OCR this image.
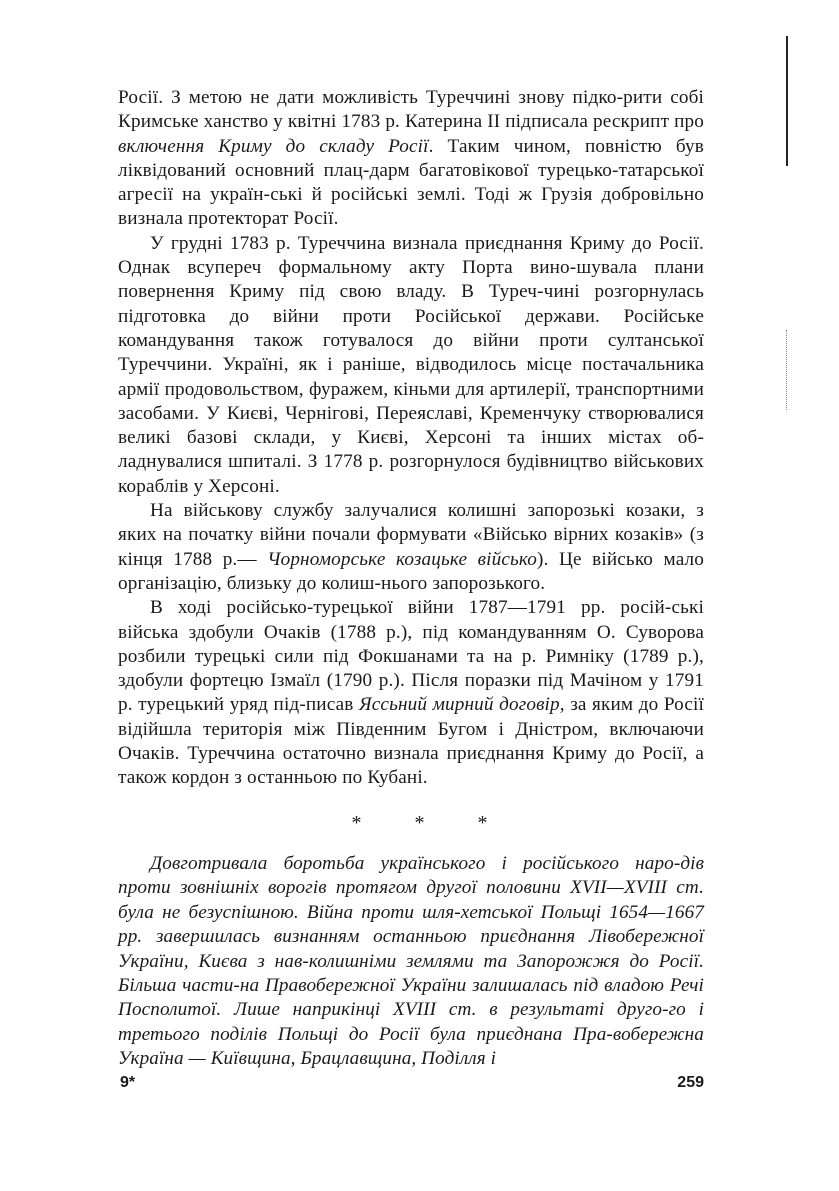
Росії. З метою не дати можливість Туреччині знову підко-рити собі Кримське ханство у квітні 1783 р. Катерина II підписала рескрипт про включення Криму до складу Росії. Таким чином, повністю був ліквідований основний плац-дарм багатовікової турецько-татарської агресії на україн-ські й російські землі. Тоді ж Грузія добровільно визнала протекторат Росії.

У грудні 1783 р. Туреччина визнала приєднання Криму до Росії. Однак всупереч формальному акту Порта вино-шувала плани повернення Криму під свою владу. В Туреч-чині розгорнулась підготовка до війни проти Російської держави. Російське командування також готувалося до війни проти султанської Туреччини. Україні, як і раніше, відводилось місце постачальника армії продовольством, фуражем, кіньми для артилерії, транспортними засобами. У Києві, Чернігові, Переяславі, Кременчуку створювалися великі базові склади, у Києві, Херсоні та інших містах об-ладнувалися шпиталі. З 1778 р. розгорнулося будівництво військових кораблів у Херсоні.

На військову службу залучалися колишні запорозькі козаки, з яких на початку війни почали формувати «Військо вірних козаків» (з кінця 1788 р.— Чорноморське козацьке військо). Це військо мало організацію, близьку до колиш-нього запорозького.

В ході російсько-турецької війни 1787—1791 рр. росій-ські війська здобули Очаків (1788 р.), під командуванням О. Суворова розбили турецькі сили під Фокшанами та на р. Римніку (1789 р.), здобули фортецю Ізмаїл (1790 р.). Після поразки під Мачіном у 1791 р. турецький уряд під-писав Яссьний мирний договір, за яким до Росії відійшла територія між Південним Бугом і Дністром, включаючи Очаків. Туреччина остаточно визнала приєднання Криму до Росії, а також кордон з останньою по Кубані.

* * *

Довготривала боротьба українського і російського наро-дів проти зовнішніх ворогів протягом другої половини XVII—XVIII ст. була не безуспішною. Війна проти шля-хетської Польщі 1654—1667 рр. завершилась визнанням останньою приєднання Лівобережної України, Києва з нав-колишніми землями та Запорожжя до Росії. Більша части-на Правобережної України залишалась під владою Речі Посполитої. Лише наприкінці XVIII ст. в результаті друго-го і третього поділів Польщі до Росії була приєднана Пра-вобережна Україна — Київщина, Брацлавщина, Поділля і

9*	259
